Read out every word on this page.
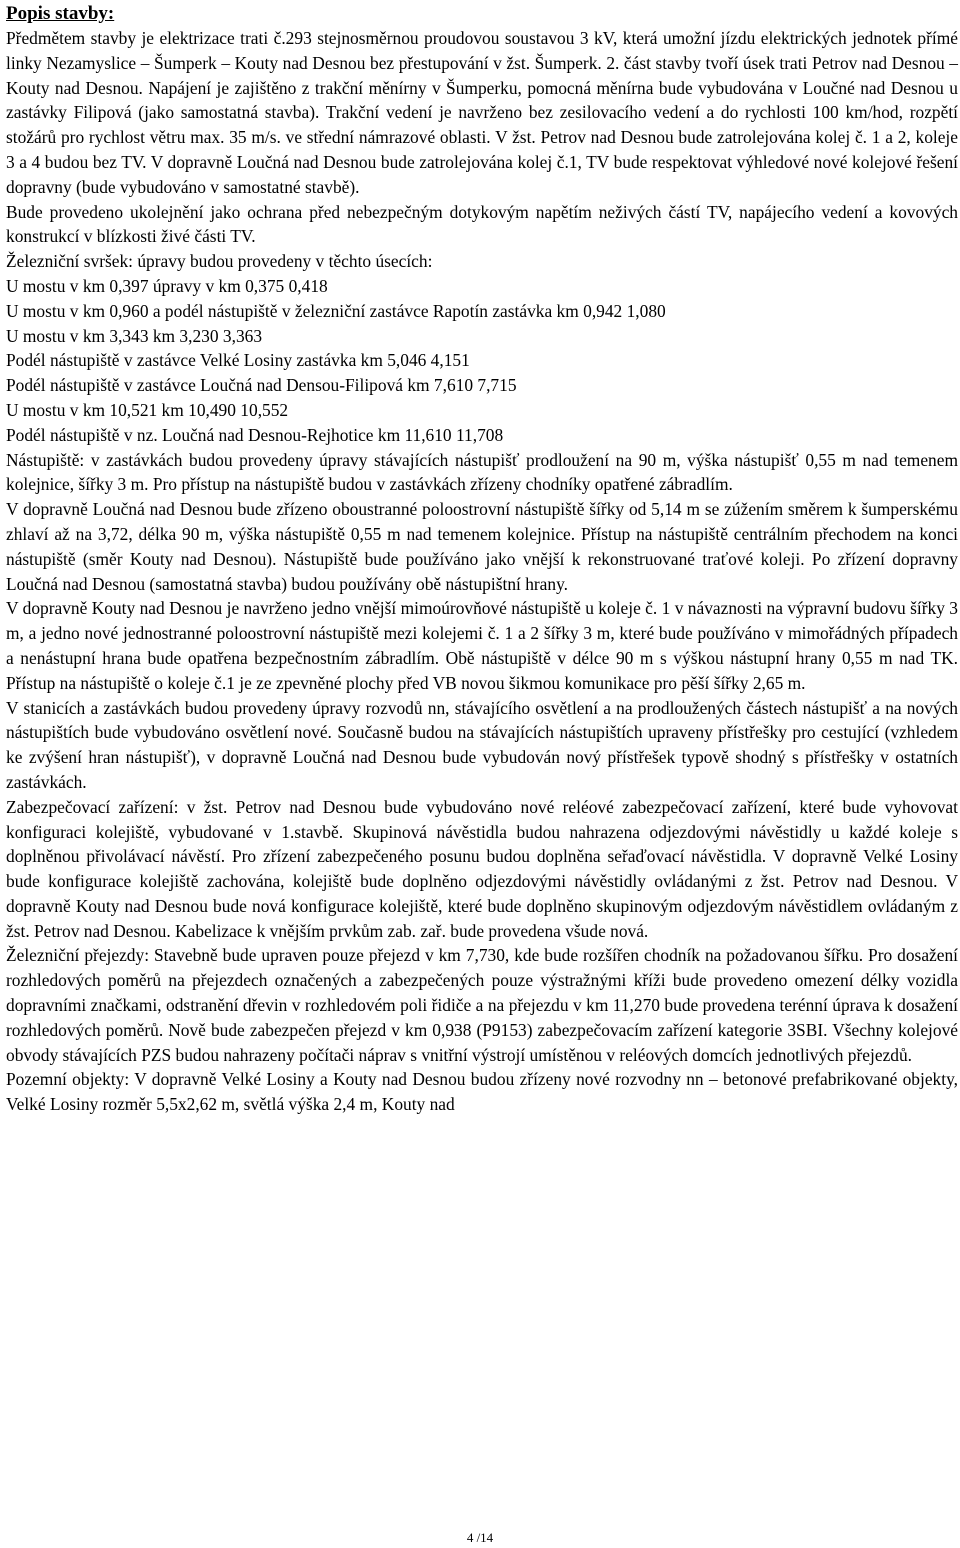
Popis stavby:

Předmětem stavby je elektrizace trati č.293 stejnosměrnou proudovou soustavou 3 kV, která umožní jízdu elektrických jednotek přímé linky Nezamyslice – Šumperk – Kouty nad Desnou bez přestupování v žst. Šumperk. 2. část stavby tvoří úsek trati Petrov nad Desnou – Kouty nad Desnou. Napájení je zajištěno z trakční měnírny v Šumperku, pomocná měnírna bude vybudována v Loučné nad Desnou u zastávky Filipová (jako samostatná stavba). Trakční vedení je navrženo bez zesilovacího vedení a do rychlosti 100 km/hod, rozpětí stožárů pro rychlost větru max. 35 m/s. ve střední námrazové oblasti. V žst. Petrov nad Desnou bude zatrolejována kolej č. 1 a 2, koleje 3 a 4 budou bez TV. V dopravně Loučná nad Desnou bude zatrolejována kolej č.1, TV bude respektovat výhledové nové kolejové řešení dopravny (bude vybudováno v samostatné stavbě).

Bude provedeno ukolejnění jako ochrana před nebezpečným dotykovým napětím neživých částí TV, napájecího vedení a kovových konstrukcí v blízkosti živé části TV.

Železniční svršek: úpravy budou provedeny v těchto úsecích:

U mostu v km 0,397 úpravy v km 0,375 0,418

U mostu v km 0,960 a podél nástupiště v železniční zastávce Rapotín zastávka km 0,942 1,080

U mostu v km 3,343 km 3,230 3,363

Podél nástupiště v zastávce Velké Losiny zastávka km 5,046 4,151

Podél nástupiště v zastávce Loučná nad Densou-Filipová km 7,610 7,715

U mostu v km 10,521 km 10,490 10,552

Podél nástupiště v nz. Loučná nad Desnou-Rejhotice km 11,610 11,708

Nástupiště: v zastávkách budou provedeny úpravy stávajících nástupišť prodloužení na 90 m, výška nástupišť 0,55 m nad temenem kolejnice, šířky 3 m. Pro přístup na nástupiště budou v zastávkách zřízeny chodníky opatřené zábradlím.

V dopravně Loučná nad Desnou bude zřízeno oboustranné poloostrovní nástupiště šířky od 5,14 m se zúžením směrem k šumperskému zhlaví až na 3,72, délka 90 m, výška nástupiště 0,55 m nad temenem kolejnice. Přístup na nástupiště centrálním přechodem na konci nástupiště (směr Kouty nad Desnou). Nástupiště bude používáno jako vnější k rekonstruované traťové koleji. Po zřízení dopravny Loučná nad Desnou (samostatná stavba) budou používány obě nástupištní hrany.

V dopravně Kouty nad Desnou je navrženo jedno vnější mimoúrovňové nástupiště u koleje č. 1 v návaznosti na výpravní budovu šířky 3 m, a jedno nové jednostranné poloostrovní nástupiště mezi kolejemi č. 1 a 2 šířky 3 m, které bude používáno v mimořádných případech a nenástupní hrana bude opatřena bezpečnostním zábradlím. Obě nástupiště v délce 90 m s výškou nástupní hrany 0,55 m nad TK. Přístup na nástupiště o koleje č.1 je ze zpevněné plochy před VB novou šikmou komunikace pro pěší šířky 2,65 m.

V stanicích a zastávkách budou provedeny úpravy rozvodů nn, stávajícího osvětlení a na prodloužených částech nástupišť a na nových nástupištích bude vybudováno osvětlení nové. Současně budou na stávajících nástupištích upraveny přístřešky pro cestující (vzhledem ke zvýšení hran nástupišť), v dopravně Loučná nad Desnou bude vybudován nový přístřešek typově shodný s přístřešky v ostatních zastávkách.

Zabezpečovací zařízení: v žst. Petrov nad Desnou bude vybudováno nové reléové zabezpečovací zařízení, které bude vyhovovat konfiguraci kolejiště, vybudované v 1.stavbě. Skupinová návěstidla budou nahrazena odjezdovými návěstidly u každé koleje s doplněnou přivolávací návěstí. Pro zřízení zabezpečeného posunu budou doplněna seřaďovací návěstidla. V dopravně Velké Losiny bude konfigurace kolejiště zachována, kolejiště bude doplněno odjezdovými návěstidly ovládanými z žst. Petrov nad Desnou. V dopravně Kouty nad Desnou bude nová konfigurace kolejiště, které bude doplněno skupinovým odjezdovým návěstidlem ovládaným z žst. Petrov nad Desnou. Kabelizace k vnějším prvkům zab. zař. bude provedena všude nová.

Železniční přejezdy: Stavebně bude upraven pouze přejezd v km 7,730, kde bude rozšířen chodník na požadovanou šířku. Pro dosažení rozhledových poměrů na přejezdech označených a zabezpečených pouze výstražnými kříži bude provedeno omezení délky vozidla dopravními značkami, odstranění dřevin v rozhledovém poli řidiče a na přejezdu v km 11,270 bude provedena terénní úprava k dosažení rozhledových poměrů. Nově bude zabezpečen přejezd v km 0,938 (P9153) zabezpečovacím zařízení kategorie 3SBI. Všechny kolejové obvody stávajících PZS budou nahrazeny počítači náprav s vnitřní výstrojí umístěnou v reléových domcích jednotlivých přejezdů.

Pozemní objekty: V dopravně Velké Losiny a Kouty nad Desnou budou zřízeny nové rozvodny nn – betonové prefabrikované objekty, Velké Losiny rozměr 5,5x2,62 m, světlá výška 2,4 m, Kouty nad

4 /14
